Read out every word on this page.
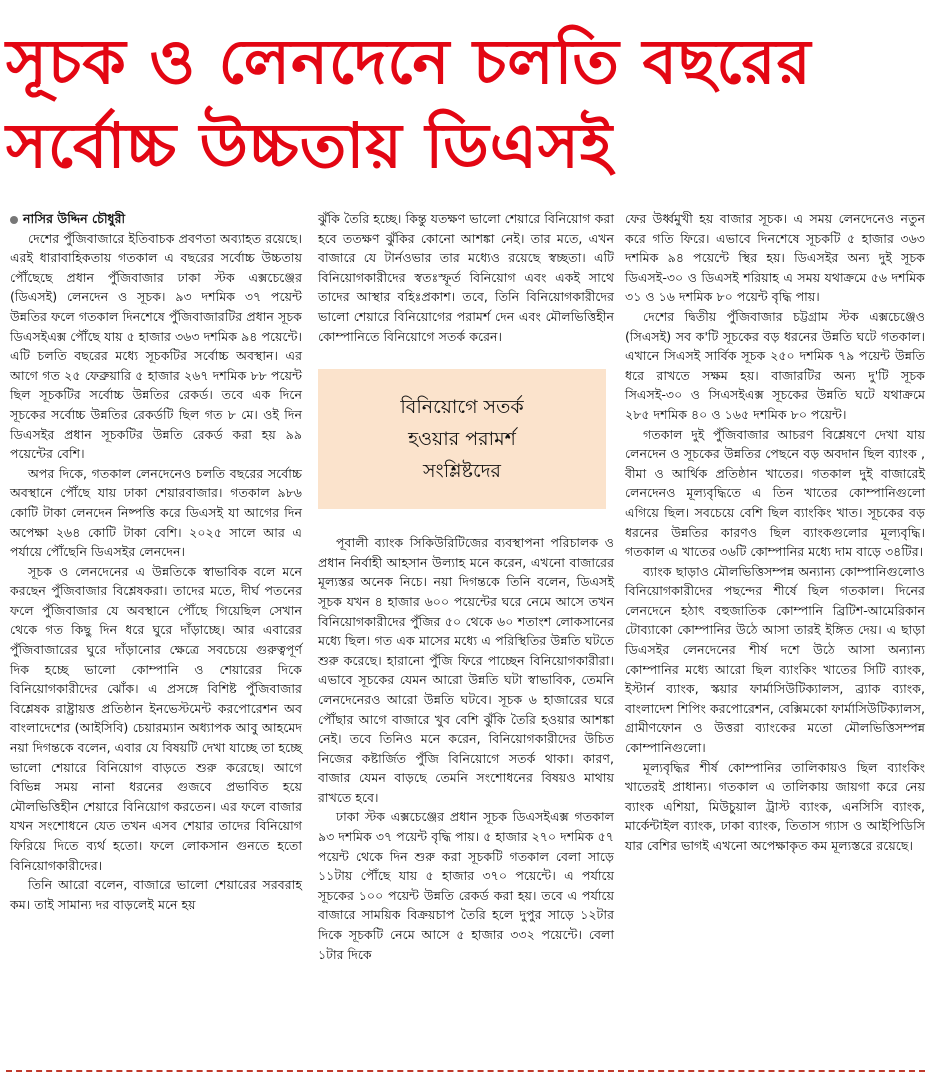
সূচক ও লেনদেনে চলতি বছরের
সর্বোচ্চ উচ্চতায় ডিএসই

নাসির উদ্দিন চৌধুরী

দেশের পুঁজিবাজারে ইতিবাচক প্রবণতা অব্যাহত রয়েছে। এরই ধারাবাহিকতায় গতকাল এ বছরের সর্বোচ্চ উচ্চতায় পৌঁছেছে প্রধান পুঁজিবাজার ঢাকা স্টক এক্সচেঞ্জের (ডিএসই) লেনদেন ও সূচক। ৯৩ দশমিক ৩৭ পয়েন্ট উন্নতির ফলে গতকাল দিনশেষে পুঁজিবাজারটির প্রধান সূচক ডিএসইএক্স পৌঁছে যায় ৫ হাজার ৩৬৩ দশমিক ৯৪ পয়েন্টে। এটি চলতি বছরের মধ্যে সূচকটির সর্বোচ্চ অবস্থান। এর আগে গত ২৫ ফেব্রুয়ারি ৫ হাজার ২৬৭ দশমিক ৮৮ পয়েন্ট ছিল সূচকটির সর্বোচ্চ উন্নতির রেকর্ড। তবে এক দিনে সূচকের সর্বোচ্চ উন্নতির রেকর্ডটি ছিল গত ৮ মে। ওই দিন ডিএসইর প্রধান সূচকটির উন্নতি রেকর্ড করা হয় ৯৯ পয়েন্টের বেশি।

অপর দিকে, গতকাল লেনদেনেও চলতি বছরের সর্বোচ্চ অবস্থানে পৌঁছে যায় ঢাকা শেয়ারবাজার। গতকাল ৯৮৬ কোটি টাকা লেনদেন নিষ্পত্তি করে ডিএসই যা আগের দিন অপেক্ষা ২৬৪ কোটি টাকা বেশি। ২০২৫ সালে আর এ পর্যায়ে পৌঁছেনি ডিএসইর লেনদেন।

সূচক ও লেনদেনের এ উন্নতিকে স্বাভাবিক বলে মনে করছেন পুঁজিবাজার বিশ্লেষকরা। তাদের মতে, দীর্ঘ পতনের ফলে পুঁজিবাজার যে অবস্থানে পৌঁছে গিয়েছিল সেখান থেকে গত কিছু দিন ধরে ঘুরে দাঁড়াচ্ছে। আর এবারের পুঁজিবাজারের ঘুরে দাঁড়ানোর ক্ষেত্রে সবচেয়ে গুরুত্বপূর্ণ দিক হচ্ছে ভালো কোম্পানি ও শেয়ারের দিকে বিনিয়োগকারীদের ঝোঁক। এ প্রসঙ্গে বিশিষ্ট পুঁজিবাজার বিশ্লেষক রাষ্ট্রায়ত্ত প্রতিষ্ঠান ইনভেস্টমেন্ট করপোরেশন অব বাংলাদেশের (আইসিবি) চেয়ারম্যান অধ্যাপক আবু আহমেদ নয়া দিগন্তকে বলেন, এবার যে বিষয়টি দেখা যাচ্ছে তা হচ্ছে ভালো শেয়ারে বিনিয়োগ বাড়তে শুরু করেছে। আগে বিভিন্ন সময় নানা ধরনের গুজবে প্রভাবিত হয়ে মৌলভিত্তিহীন শেয়ারে বিনিয়োগ করতেন। এর ফলে বাজার যখন সংশোধনে যেত তখন এসব শেয়ার তাদের বিনিয়োগ ফিরিয়ে দিতে ব্যর্থ হতো। ফলে লোকসান গুনতে হতো বিনিয়োগকারীদের।

তিনি আরো বলেন, বাজারে ভালো শেয়ারের সরবরাহ কম। তাই সামান্য দর বাড়লেই মনে হয়

ঝুঁকি তৈরি হচ্ছে। কিন্তু যতক্ষণ ভালো শেয়ারে বিনিয়োগ করা হবে ততক্ষণ ঝুঁকির কোনো আশঙ্কা নেই। তার মতে, এখন বাজারে যে টার্নওভার তার মধ্যেও রয়েছে স্বচ্ছতা। এটি বিনিয়োগকারীদের স্বতঃস্ফূর্ত বিনিয়োগ এবং একই সাথে তাদের আস্থার বহিঃপ্রকাশ। তবে, তিনি বিনিয়োগকারীদের ভালো শেয়ারে বিনিয়োগের পরামর্শ দেন এবং মৌলভিত্তিহীন কোম্পানিতে বিনিয়োগে সতর্ক করেন।

বিনিয়োগে সতর্ক
হওয়ার পরামর্শ
সংশ্লিষ্টদের

পূবালী ব্যাংক সিকিউরিটিজের ব্যবস্থাপনা পরিচালক ও প্রধান নির্বাহী আহসান উল্যাহ মনে করেন, এখনো বাজারের মূল্যস্তর অনেক নিচে। নয়া দিগন্তকে তিনি বলেন, ডিএসই সূচক যখন ৪ হাজার ৬০০ পয়েন্টের ঘরে নেমে আসে তখন বিনিয়োগকারীদের পুঁজির ৫০ থেকে ৬০ শতাংশ লোকসানের মধ্যে ছিল। গত এক মাসের মধ্যে এ পরিস্থিতির উন্নতি ঘটতে শুরু করেছে। হারানো পুঁজি ফিরে পাচ্ছেন বিনিয়োগকারীরা। এভাবে সূচকের যেমন আরো উন্নতি ঘটা স্বাভাবিক, তেমনি লেনদেনেরও আরো উন্নতি ঘটবে। সূচক ৬ হাজারের ঘরে পৌঁছার আগে বাজারে খুব বেশি ঝুঁকি তৈরি হওয়ার আশঙ্কা নেই। তবে তিনিও মনে করেন, বিনিয়োগকারীদের উচিত নিজের কষ্টার্জিত পুঁজি বিনিয়োগে সতর্ক থাকা। কারণ, বাজার যেমন বাড়ছে তেমনি সংশোধনের বিষয়ও মাথায় রাখতে হবে।

ঢাকা স্টক এক্সচেঞ্জের প্রধান সূচক ডিএসইএক্স গতকাল ৯৩ দশমিক ৩৭ পয়েন্ট বৃদ্ধি পায়। ৫ হাজার ২৭০ দশমিক ৫৭ পয়েন্ট থেকে দিন শুরু করা সূচকটি গতকাল বেলা সাড়ে ১১টায় পৌঁছে যায় ৫ হাজার ৩৭০ পয়েন্টে। এ পর্যায়ে সূচকের ১০০ পয়েন্ট উন্নতি রেকর্ড করা হয়। তবে এ পর্যায়ে বাজারে সাময়িক বিক্রয়চাপ তৈরি হলে দুপুর সাড়ে ১২টার দিকে সূচকটি নেমে আসে ৫ হাজার ৩৩২ পয়েন্টে। বেলা ১টার দিকে

ফের উর্ধ্বমুখী হয় বাজার সূচক। এ সময় লেনদেনেও নতুন করে গতি ফিরে। এভাবে দিনশেষে সূচকটি ৫ হাজার ৩৬৩ দশমিক ৯৪ পয়েন্টে স্থির হয়। ডিএসইর অন্য দুই সূচক ডিএসই-৩০ ও ডিএসই শরিয়াহ এ সময় যথাক্রমে ৫৬ দশমিক ৩১ ও ১৬ দশমিক ৮০ পয়েন্ট বৃদ্ধি পায়।

দেশের দ্বিতীয় পুঁজিবাজার চট্টগ্রাম স্টক এক্সচেঞ্জেও (সিএসই) সব ক'টি সূচকের বড় ধরনের উন্নতি ঘটে গতকাল। এখানে সিএসই সার্বিক সূচক ২৫০ দশমিক ৭৯ পয়েন্ট উন্নতি ধরে রাখতে সক্ষম হয়। বাজারটির অন্য দু'টি সূচক সিএসই-৩০ ও সিএসইএক্স সূচকের উন্নতি ঘটে যথাক্রমে ২৮৫ দশমিক ৪০ ও ১৬৫ দশমিক ৮০ পয়েন্ট।

গতকাল দুই পুঁজিবাজার আচরণ বিশ্লেষণে দেখা যায় লেনদেন ও সূচকের উন্নতির পেছনে বড় অবদান ছিল ব্যাংক , বীমা ও আর্থিক প্রতিষ্ঠান খাতের। গতকাল দুই বাজারেই লেনদেনও মূল্যবৃদ্ধিতে এ তিন খাতের কোম্পানিগুলো এগিয়ে ছিল। সবচেয়ে বেশি ছিল ব্যাংকিং খাত। সূচকের বড় ধরনের উন্নতির কারণও ছিল ব্যাংকগুলোর মূল্যবৃদ্ধি। গতকাল এ খাতের ৩৬টি কোম্পানির মধ্যে দাম বাড়ে ৩৪টির।

ব্যাংক ছাড়াও মৌলভিত্তিসম্পন্ন অন্যান্য কোম্পানিগুলোও বিনিয়োগকারীদের পছন্দের শীর্ষে ছিল গতকাল। দিনের লেনদেনে হঠাৎ বহুজাতিক কোম্পানি ব্রিটিশ-আমেরিকান টোব্যাকো কোম্পানির উঠে আসা তারই ইঙ্গিত দেয়। এ ছাড়া ডিএসইর লেনদেনের শীর্ষ দশে উঠে আসা অন্যান্য কোম্পানির মধ্যে আরো ছিল ব্যাংকিং খাতের সিটি ব্যাংক, ইস্টার্ন ব্যাংক, স্কয়ার ফার্মাসিউটিক্যালস, ব্র্যাক ব্যাংক, বাংলাদেশ শিপিং করপোরেশন, বেক্সিমকো ফার্মাসিউটিক্যালস, গ্রামীণফোন ও উত্তরা ব্যাংকের মতো মৌলভিত্তিসম্পন্ন কোম্পানিগুলো।

মূল্যবৃদ্ধির শীর্ষ কোম্পানির তালিকায়ও ছিল ব্যাংকিং খাতেরই প্রাধান্য। গতকাল এ তালিকায় জায়গা করে নেয় ব্যাংক এশিয়া, মিউচুয়াল ট্রাস্ট ব্যাংক, এনসিসি ব্যাংক, মার্কেন্টাইল ব্যাংক, ঢাকা ব্যাংক, তিতাস গ্যাস ও আইপিডিসি যার বেশির ভাগই এখনো অপেক্ষাকৃত কম মূল্যস্তরে রয়েছে।
